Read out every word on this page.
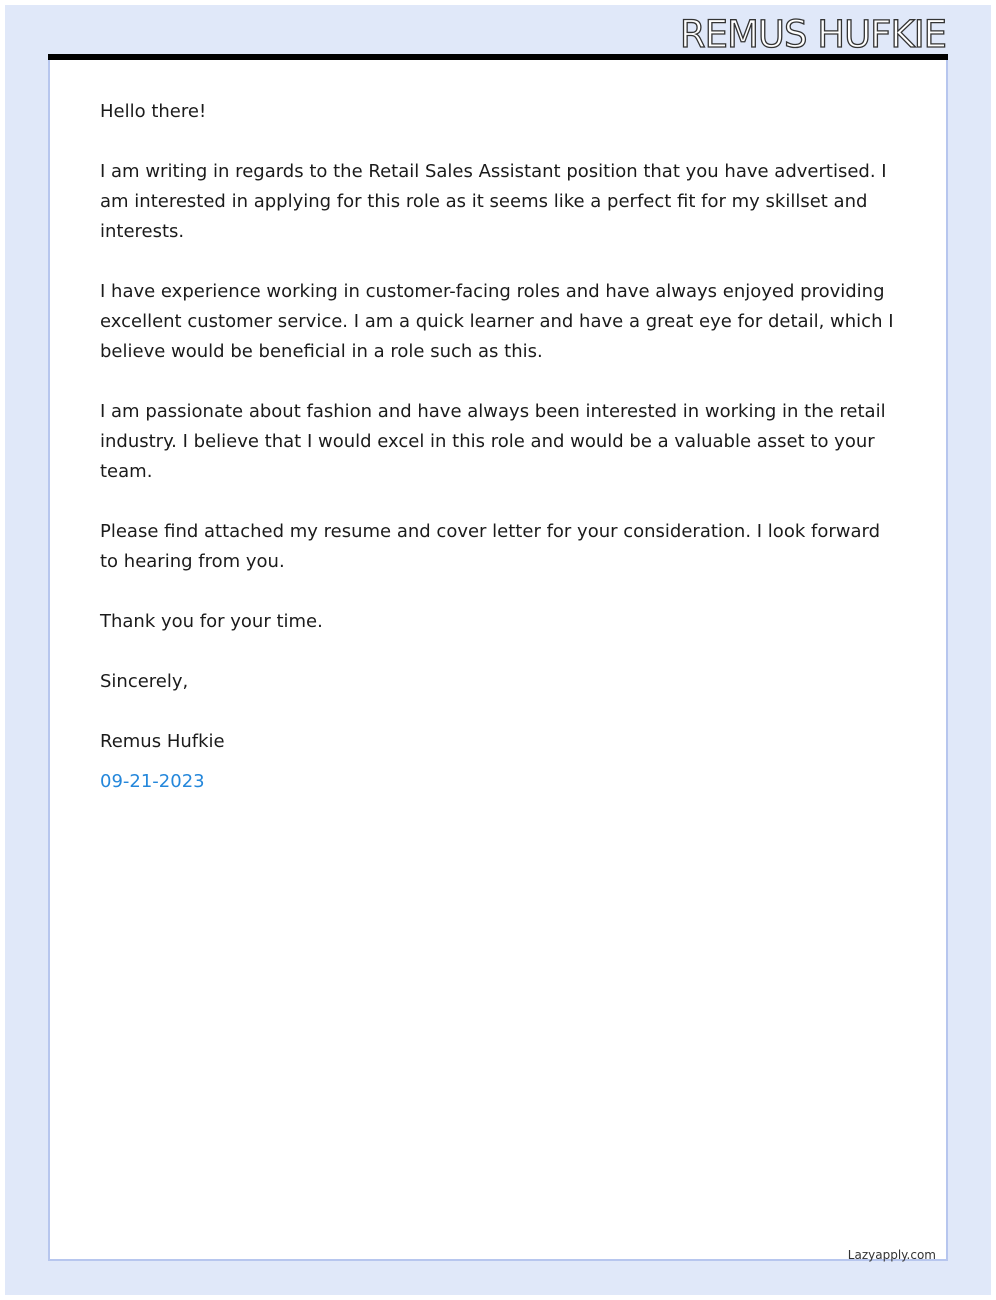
REMUS HUFKIE

Hello there!

I am writing in regards to the Retail Sales Assistant position that you have advertised. I am interested in applying for this role as it seems like a perfect fit for my skillset and interests.

I have experience working in customer-facing roles and have always enjoyed providing excellent customer service. I am a quick learner and have a great eye for detail, which I believe would be beneficial in a role such as this.

I am passionate about fashion and have always been interested in working in the retail industry. I believe that I would excel in this role and would be a valuable asset to your team.

Please find attached my resume and cover letter for your consideration. I look forward to hearing from you.

Thank you for your time.

Sincerely,

Remus Hufkie

09-21-2023

Lazyapply.com
